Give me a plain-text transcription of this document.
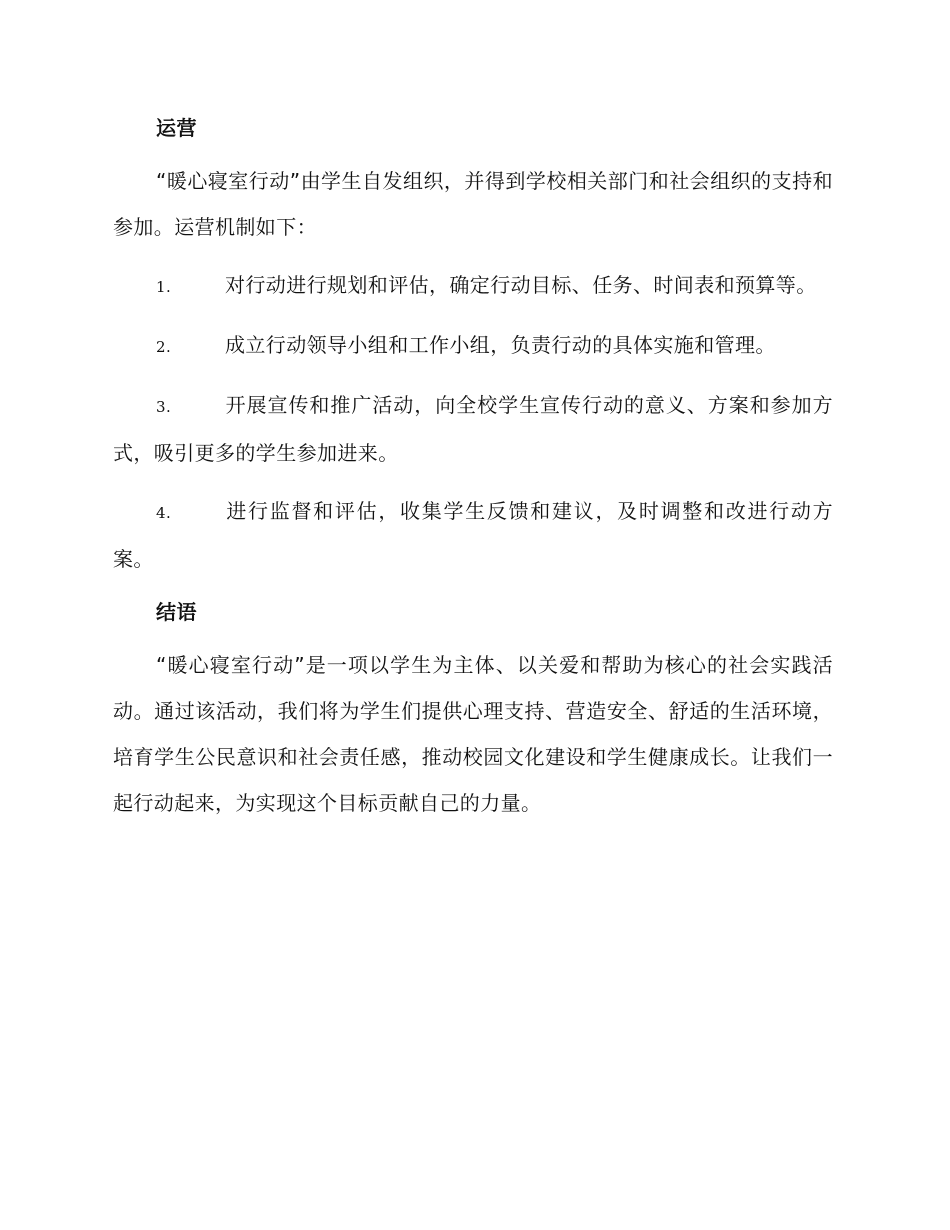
运营

“暖心寝室行动”由学生自发组织，并得到学校相关部门和社会组织的支持和参加。运营机制如下：

1.	对行动进行规划和评估，确定行动目标、任务、时间表和预算等。
2.	成立行动领导小组和工作小组，负责行动的具体实施和管理。
3.	开展宣传和推广活动，向全校学生宣传行动的意义、方案和参加方式，吸引更多的学生参加进来。
4.	进行监督和评估，收集学生反馈和建议，及时调整和改进行动方案。
结语

“暖心寝室行动”是一项以学生为主体、以关爱和帮助为核心的社会实践活动。通过该活动，我们将为学生们提供心理支持、营造安全、舒适的生活环境，培育学生公民意识和社会责任感，推动校园文化建设和学生健康成长。让我们一起行动起来，为实现这个目标贡献自己的力量。
